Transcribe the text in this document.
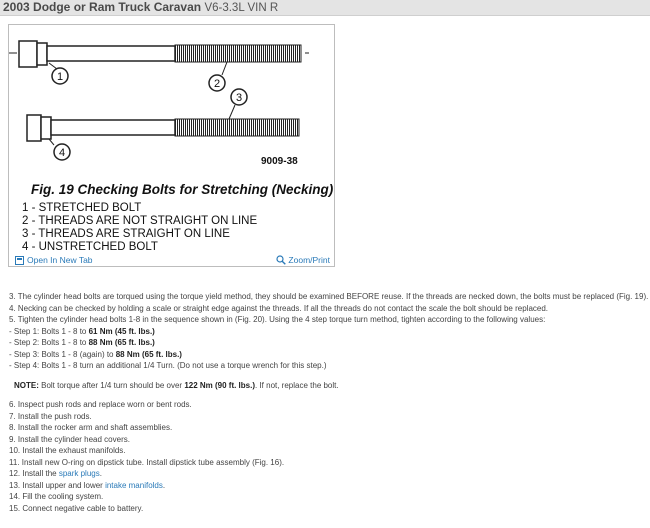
2003 Dodge or Ram Truck Caravan V6-3.3L VIN R
1
2
3
4
9009-38
Fig. 19 Checking Bolts for Stretching (Necking)
1 - STRETCHED BOLT
2 - THREADS ARE NOT STRAIGHT ON LINE
3 - THREADS ARE STRAIGHT ON LINE
4 - UNSTRETCHED BOLT
Open In New Tab	Zoom/Print
3. The cylinder head bolts are torqued using the torque yield method, they should be examined BEFORE reuse. If the threads are necked down, the bolts must be replaced (Fig. 19).
4. Necking can be checked by holding a scale or straight edge against the threads. If all the threads do not contact the scale the bolt should be replaced.
5. Tighten the cylinder head bolts 1-8 in the sequence shown in (Fig. 20). Using the 4 step torque turn method, tighten according to the following values:
- Step 1: Bolts 1 - 8 to 61 Nm (45 ft. lbs.)
- Step 2: Bolts 1 - 8 to 88 Nm (65 ft. lbs.)
- Step 3: Bolts 1 - 8 (again) to 88 Nm (65 ft. lbs.)
- Step 4: Bolts 1 - 8 turn an additional 1/4 Turn. (Do not use a torque wrench for this step.)
NOTE: Bolt torque after 1/4 turn should be over 122 Nm (90 ft. lbs.). If not, replace the bolt.
6. Inspect push rods and replace worn or bent rods.
7. Install the push rods.
8. Install the rocker arm and shaft assemblies.
9. Install the cylinder head covers.
10. Install the exhaust manifolds.
11. Install new O-ring on dipstick tube. Install dipstick tube assembly (Fig. 16).
12. Install the spark plugs.
13. Install upper and lower intake manifolds.
14. Fill the cooling system.
15. Connect negative cable to battery.
